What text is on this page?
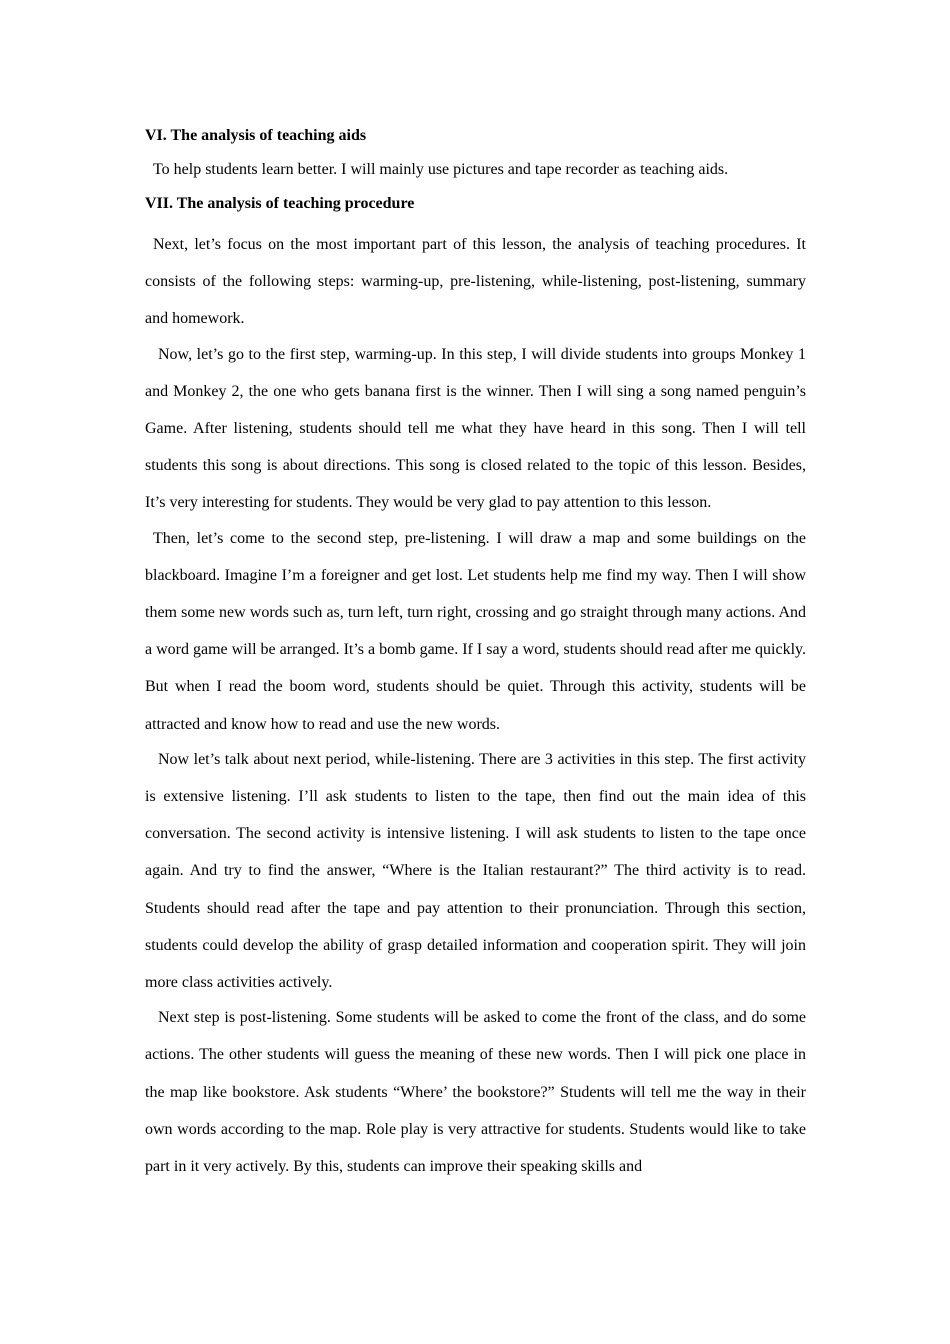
VI. The analysis of teaching aids

To help students learn better. I will mainly use pictures and tape recorder as teaching aids.

VII. The analysis of teaching procedure

Next, let’s focus on the most important part of this lesson, the analysis of teaching procedures. It consists of the following steps: warming-up, pre-listening, while-listening, post-listening, summary and homework.

Now, let’s go to the first step, warming-up. In this step, I will divide students into groups Monkey 1 and Monkey 2, the one who gets banana first is the winner. Then I will sing a song named penguin’s Game. After listening, students should tell me what they have heard in this song. Then I will tell students this song is about directions. This song is closed related to the topic of this lesson. Besides, It’s very interesting for students. They would be very glad to pay attention to this lesson.

Then, let’s come to the second step, pre-listening. I will draw a map and some buildings on the blackboard. Imagine I’m a foreigner and get lost. Let students help me find my way. Then I will show them some new words such as, turn left, turn right, crossing and go straight through many actions. And a word game will be arranged. It’s a bomb game. If I say a word, students should read after me quickly. But when I read the boom word, students should be quiet. Through this activity, students will be attracted and know how to read and use the new words.

Now let’s talk about next period, while-listening. There are 3 activities in this step. The first activity is extensive listening. I’ll ask students to listen to the tape, then find out the main idea of this conversation. The second activity is intensive listening. I will ask students to listen to the tape once again. And try to find the answer, “Where is the Italian restaurant?” The third activity is to read. Students should read after the tape and pay attention to their pronunciation. Through this section, students could develop the ability of grasp detailed information and cooperation spirit. They will join more class activities actively.

Next step is post-listening. Some students will be asked to come the front of the class, and do some actions. The other students will guess the meaning of these new words. Then I will pick one place in the map like bookstore. Ask students “Where’ the bookstore?” Students will tell me the way in their own words according to the map. Role play is very attractive for students. Students would like to take part in it very actively. By this, students can improve their speaking skills and
